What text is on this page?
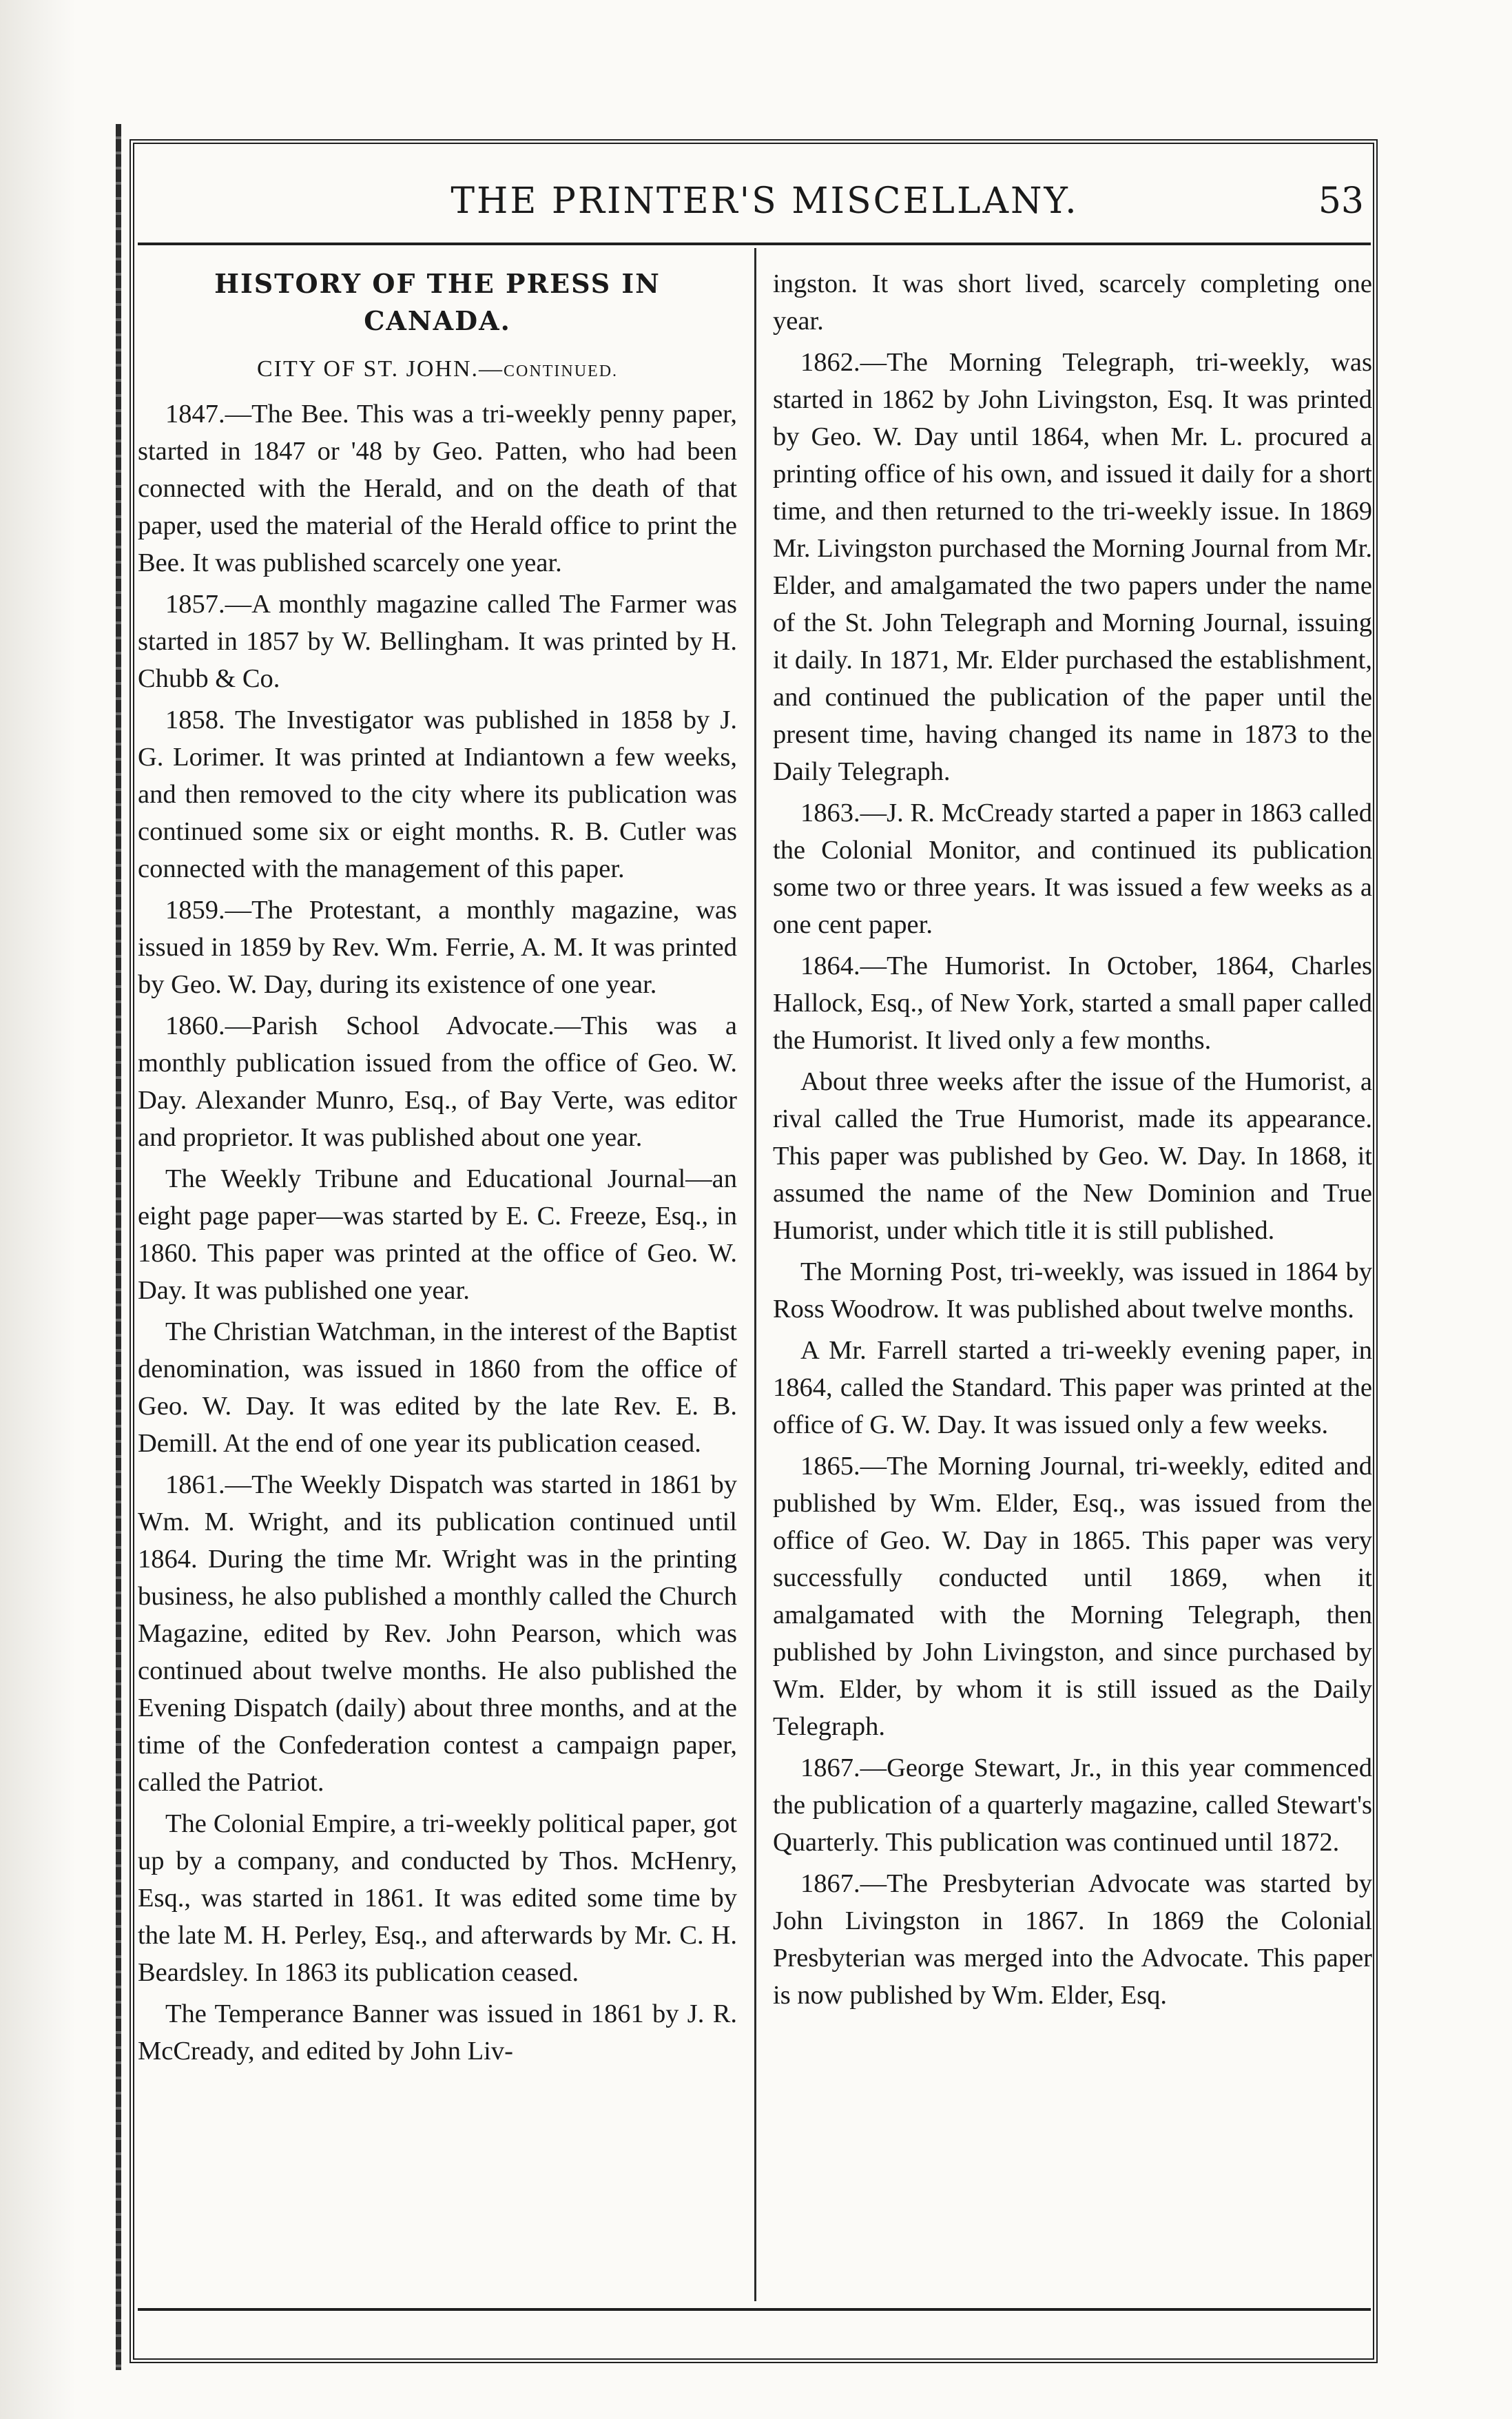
THE PRINTER'S MISCELLANY.	53
HISTORY OF THE PRESS IN CANADA.
CITY OF ST. JOHN.—CONTINUED.

1847.—The Bee. This was a tri-weekly penny paper, started in 1847 or '48 by Geo. Patten, who had been connected with the Herald, and on the death of that paper, used the material of the Herald office to print the Bee. It was published scarcely one year.

1857.—A monthly magazine called The Farmer was started in 1857 by W. Bellingham. It was printed by H. Chubb & Co.

1858. The Investigator was published in 1858 by J. G. Lorimer. It was printed at Indiantown a few weeks, and then removed to the city where its publication was continued some six or eight months. R. B. Cutler was connected with the management of this paper.

1859.—The Protestant, a monthly magazine, was issued in 1859 by Rev. Wm. Ferrie, A. M. It was printed by Geo. W. Day, during its existence of one year.

1860.—Parish School Advocate.—This was a monthly publication issued from the office of Geo. W. Day. Alexander Munro, Esq., of Bay Verte, was editor and proprietor. It was published about one year.

The Weekly Tribune and Educational Journal—an eight page paper—was started by E. C. Freeze, Esq., in 1860. This paper was printed at the office of Geo. W. Day. It was published one year.

The Christian Watchman, in the interest of the Baptist denomination, was issued in 1860 from the office of Geo. W. Day. It was edited by the late Rev. E. B. Demill. At the end of one year its publication ceased.

1861.—The Weekly Dispatch was started in 1861 by Wm. M. Wright, and its publication continued until 1864. During the time Mr. Wright was in the printing business, he also published a monthly called the Church Magazine, edited by Rev. John Pearson, which was continued about twelve months. He also published the Evening Dispatch (daily) about three months, and at the time of the Confederation contest a campaign paper, called the Patriot.

The Colonial Empire, a tri-weekly political paper, got up by a company, and conducted by Thos. McHenry, Esq., was started in 1861. It was edited some time by the late M. H. Perley, Esq., and afterwards by Mr. C. H. Beardsley. In 1863 its publication ceased.

The Temperance Banner was issued in 1861 by J. R. McCready, and edited by John Liv-

ingston. It was short lived, scarcely completing one year.

1862.—The Morning Telegraph, tri-weekly, was started in 1862 by John Livingston, Esq. It was printed by Geo. W. Day until 1864, when Mr. L. procured a printing office of his own, and issued it daily for a short time, and then returned to the tri-weekly issue. In 1869 Mr. Livingston purchased the Morning Journal from Mr. Elder, and amalgamated the two papers under the name of the St. John Telegraph and Morning Journal, issuing it daily. In 1871, Mr. Elder purchased the establishment, and continued the publication of the paper until the present time, having changed its name in 1873 to the Daily Telegraph.

1863.—J. R. McCready started a paper in 1863 called the Colonial Monitor, and continued its publication some two or three years. It was issued a few weeks as a one cent paper.

1864.—The Humorist. In October, 1864, Charles Hallock, Esq., of New York, started a small paper called the Humorist. It lived only a few months.

About three weeks after the issue of the Humorist, a rival called the True Humorist, made its appearance. This paper was published by Geo. W. Day. In 1868, it assumed the name of the New Dominion and True Humorist, under which title it is still published.

The Morning Post, tri-weekly, was issued in 1864 by Ross Woodrow. It was published about twelve months.

A Mr. Farrell started a tri-weekly evening paper, in 1864, called the Standard. This paper was printed at the office of G. W. Day. It was issued only a few weeks.

1865.—The Morning Journal, tri-weekly, edited and published by Wm. Elder, Esq., was issued from the office of Geo. W. Day in 1865. This paper was very successfully conducted until 1869, when it amalgamated with the Morning Telegraph, then published by John Livingston, and since purchased by Wm. Elder, by whom it is still issued as the Daily Telegraph.

1867.—George Stewart, Jr., in this year commenced the publication of a quarterly magazine, called Stewart's Quarterly. This publication was continued until 1872.

1867.—The Presbyterian Advocate was started by John Livingston in 1867. In 1869 the Colonial Presbyterian was merged into the Advocate. This paper is now published by Wm. Elder, Esq.
